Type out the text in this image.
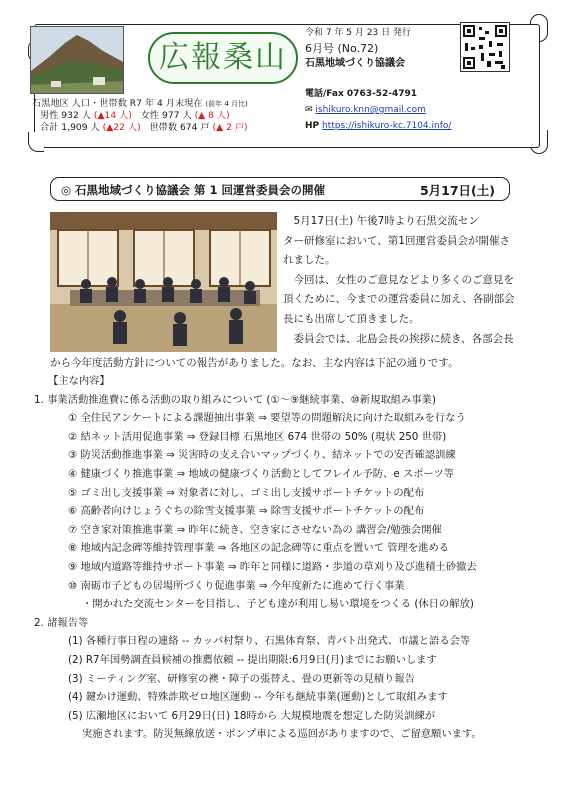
広報桑山
石黒地区 人口・世帯数 R7 年 4 月末現在 (前年 4 月比)
男性 932 人 (▲14 人) 女性 977 人 (▲ 8 人)
合計 1,909 人 (▲22 人) 世帯数 674 戸 (▲ 2 戸)
令和 7 年 5 月 23 日 発行
6月号 (No.72)
石黒地域づくり協議会
電話/Fax 0763-52-4791
✉ ishikuro.knn@gmail.com
HP https://ishikuro-kc.7104.info/
◎ 石黒地域づくり協議会 第 1 回運営委員会の開催	5月17日(土)

5月17日(土) 午後7時より石黒交流セン

ター研修室において、第1回運営委員会が開催さ
れました。

今回は、女性のご意見などより多くのご意見を

頂くために、今までの運営委員に加え、各副部会
長にも出席して頂きました。

委員会では、北島会長の挨拶に続き、各部会長

から今年度活動方針についての報告がありました。なお、主な内容は下記の通りです。
【主な内容】
1. 事業活動推進費に係る活動の取り組みについて (①〜⑨継続事業、⑩新規取組み事業)
① 全住民アンケートによる課題抽出事業 ⇒ 要望等の問題解決に向けた取組みを行なう
② 結ネット活用促進事業 ⇒ 登録目標 石黒地区 674 世帯の 50% (現状 250 世帯)
③ 防災活動推進事業 ⇒ 災害時の支え合いマップづくり、結ネットでの安否確認訓練
④ 健康づくり推進事業 ⇒ 地域の健康づくり活動としてフレイル予防、e スポーツ等
⑤ ゴミ出し支援事業 ⇒ 対象者に対し、ゴミ出し支援サポートチケットの配布
⑥ 高齢者向けじょうぐちの除雪支援事業 ⇒ 除雪支援サポートチケットの配布
⑦ 空き家対策推進事業 ⇒ 昨年に続き、空き家にさせない為の 講習会/勉強会開催
⑧ 地域内記念碑等維持管理事業 ⇒ 各地区の記念碑等に重点を置いて 管理を進める
⑨ 地域内道路等維持サポート事業 ⇒ 昨年と同様に道路・歩道の草刈り及び進積土砂撤去
⑩ 南砺市子どもの居場所づくり促進事業 ⇒ 今年度新たに進めて行く事業
・開かれた交流センターを目指し、子ども達が利用し易い環境をつくる (休日の解放)
2. 諸報告等
(1) 各種行事日程の連絡 -- カッパ村祭り、石黒体育祭、青パト出発式、市議と語る会等
(2) R7年国勢調査員候補の推薦依頼 -- 提出期限:6月9日(月)までにお願いします
(3) ミーティング室、研修室の襖・障子の張替え、畳の更新等の見積り報告
(4) 鍵かけ運動、特殊詐欺ゼロ地区運動 -- 今年も継続事業(運動)として取組みます
(5) 広瀬地区において 6月29日(日) 18時から 大規模地震を想定した防災訓練が
実施されます。防災無線放送・ポンプ車による巡回がありますので、ご留意願います。
